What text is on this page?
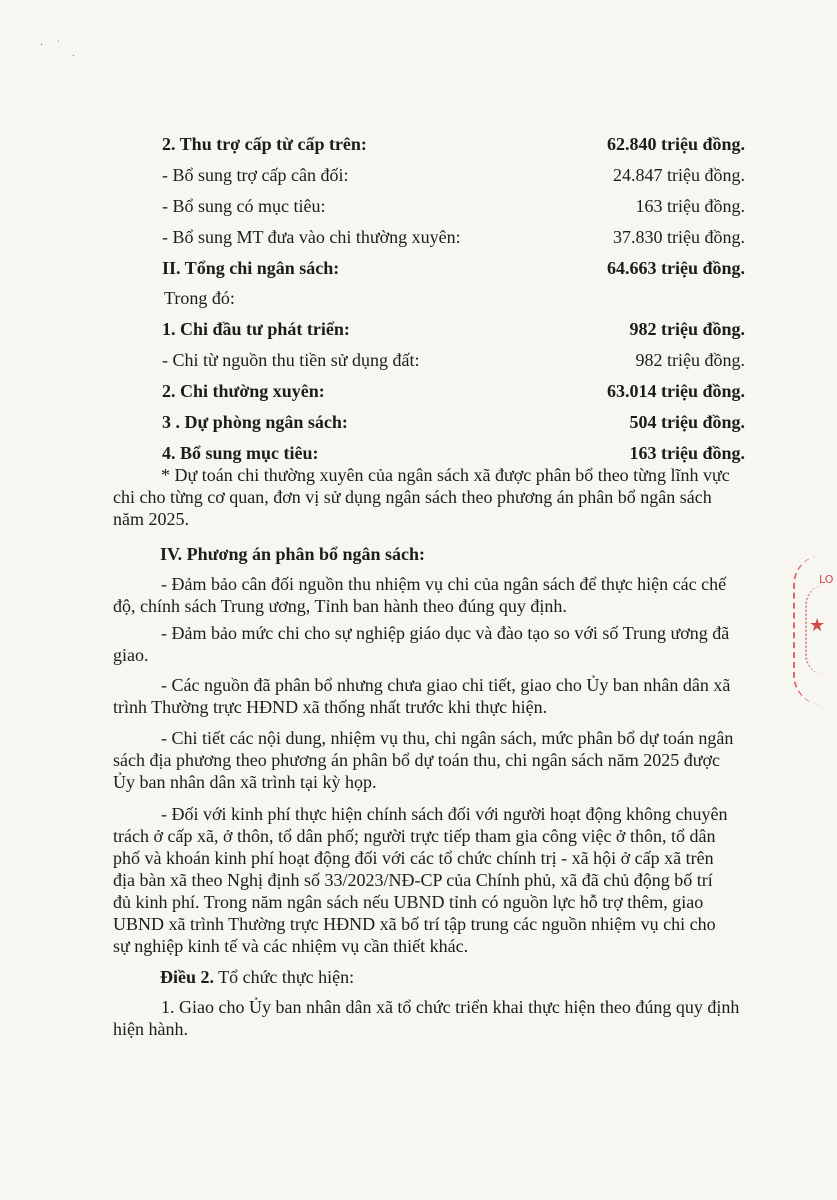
·    ˙
·
2. Thu trợ cấp từ cấp trên:	62.840 triệu đồng.
- Bổ sung trợ cấp cân đối:	24.847 triệu đồng.
- Bổ sung có mục tiêu:	163 triệu đồng.
- Bổ sung MT đưa vào chi thường xuyên:	37.830 triệu đồng.
II. Tổng chi ngân sách:	64.663 triệu đồng.
Trong đó:
1. Chi đầu tư phát triển:	982 triệu đồng.
- Chi từ nguồn thu tiền sử dụng đất:	982 triệu đồng.
2. Chi thường xuyên:	63.014 triệu đồng.
3 . Dự phòng ngân sách:	504 triệu đồng.
4. Bổ sung mục tiêu:	163 triệu đồng.
* Dự toán chi thường xuyên của ngân sách xã được phân bổ theo từng lĩnh vực
chi cho từng cơ quan, đơn vị sử dụng ngân sách theo phương án phân bổ ngân sách
năm 2025.
IV. Phương án phân bổ ngân sách:
- Đảm bảo cân đối nguồn thu nhiệm vụ chi của ngân sách để thực hiện các chế
độ, chính sách Trung ương, Tỉnh ban hành theo đúng quy định.
- Đảm bảo mức chi cho sự nghiệp giáo dục và đào tạo so với số Trung ương đã
giao.
- Các nguồn đã phân bổ nhưng chưa giao chi tiết, giao cho Ủy ban nhân dân xã
trình Thường trực HĐND xã thống nhất trước khi thực hiện.
- Chi tiết các nội dung, nhiệm vụ thu, chi ngân sách, mức phân bổ dự toán ngân
sách địa phương theo phương án phân bổ dự toán thu, chi ngân sách năm 2025 được
Ủy ban nhân dân xã trình tại kỳ họp.
- Đối với kinh phí thực hiện chính sách đối với người hoạt động không chuyên
trách ở cấp xã, ở thôn, tổ dân phố; người trực tiếp tham gia công việc ở thôn, tổ dân
phố và khoán kinh phí hoạt động đối với các tổ chức chính trị - xã hội ở cấp xã trên
địa bàn xã theo Nghị định số 33/2023/NĐ-CP của Chính phủ, xã đã chủ động bố trí
đủ kinh phí. Trong năm ngân sách nếu UBND tỉnh có nguồn lực hỗ trợ thêm, giao
UBND xã trình Thường trực HĐND xã bố trí tập trung các nguồn nhiệm vụ chi cho
sự nghiệp kinh tế và các nhiệm vụ cần thiết khác.
Điều 2. Tổ chức thực hiện:
1. Giao cho Ủy ban nhân dân xã tổ chức triển khai thực hiện theo đúng quy định
hiện hành.
LO
★
